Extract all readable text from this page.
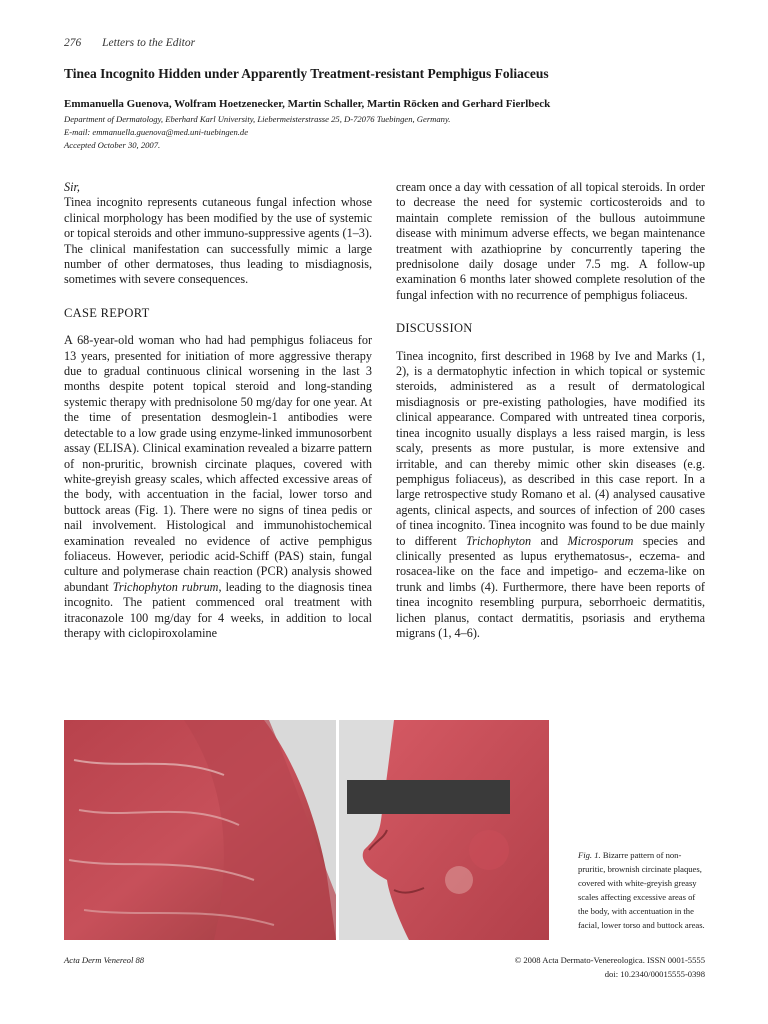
276 Letters to the Editor
Tinea Incognito Hidden under Apparently Treatment-resistant Pemphigus Foliaceus
Emmanuella Guenova, Wolfram Hoetzenecker, Martin Schaller, Martin Röcken and Gerhard Fierlbeck
Department of Dermatology, Eberhard Karl University, Liebermeisterstrasse 25, D-72076 Tuebingen, Germany.
E-mail: emmanuella.guenova@med.uni-tuebingen.de
Accepted October 30, 2007.

Sir,

Tinea incognito represents cutaneous fungal infection whose clinical morphology has been modified by the use of systemic or topical steroids and other immuno-suppressive agents (1–3). The clinical manifestation can successfully mimic a large number of other dermatoses, thus leading to misdiagnosis, sometimes with severe consequences.

CASE REPORT

A 68-year-old woman who had had pemphigus foliaceus for 13 years, presented for initiation of more aggressive therapy due to gradual continuous clinical worsening in the last 3 months despite potent topical steroid and long-standing systemic therapy with prednisolone 50 mg/day for one year. At the time of presentation desmoglein-1 antibodies were detectable to a low grade using enzyme-linked immunosorbent assay (ELISA). Clinical examination revealed a bizarre pattern of non-pruritic, brownish circinate plaques, covered with white-greyish greasy scales, which affected excessive areas of the body, with accentuation in the facial, lower torso and buttock areas (Fig. 1). There were no signs of tinea pedis or nail involvement. Histological and immunohistochemical examination revealed no evidence of active pemphigus foliaceus. However, periodic acid-Schiff (PAS) stain, fungal culture and polymerase chain reaction (PCR) analysis showed abundant Trichophyton rubrum, leading to the diagnosis tinea incognito. The patient commenced oral treatment with itraconazole 100 mg/day for 4 weeks, in addition to local therapy with ciclopiroxolamine

cream once a day with cessation of all topical steroids. In order to decrease the need for systemic corticosteroids and to maintain complete remission of the bullous autoimmune disease with minimum adverse effects, we began maintenance treatment with azathioprine by concurrently tapering the prednisolone daily dosage under 7.5 mg. A follow-up examination 6 months later showed complete resolution of the fungal infection with no recurrence of pemphigus foliaceus.

DISCUSSION

Tinea incognito, first described in 1968 by Ive and Marks (1, 2), is a dermatophytic infection in which topical or systemic steroids, administered as a result of dermatological misdiagnosis or pre-existing pathologies, have modified its clinical appearance. Compared with untreated tinea corporis, tinea incognito usually displays a less raised margin, is less scaly, presents as more pustular, is more extensive and irritable, and can thereby mimic other skin diseases (e.g. pemphigus foliaceus), as described in this case report. In a large retrospective study Romano et al. (4) analysed causative agents, clinical aspects, and sources of infection of 200 cases of tinea incognito. Tinea incognito was found to be due mainly to different Trichophyton and Microsporum species and clinically presented as lupus erythematosus-, eczema- and rosacea-like on the face and impetigo- and eczema-like on trunk and limbs (4). Furthermore, there have been reports of tinea incognito resembling purpura, seborrhoeic dermatitis, lichen planus, contact dermatitis, psoriasis and erythema migrans (1, 4–6).

Fig. 1. Bizarre pattern of non-pruritic, brownish circinate plaques, covered with white-greyish greasy scales affecting excessive areas of the body, with accentuation in the facial, lower torso and buttock areas.
Acta Derm Venereol 88	© 2008 Acta Dermato-Venereologica. ISSN 0001-5555
doi: 10.2340/00015555-0398
